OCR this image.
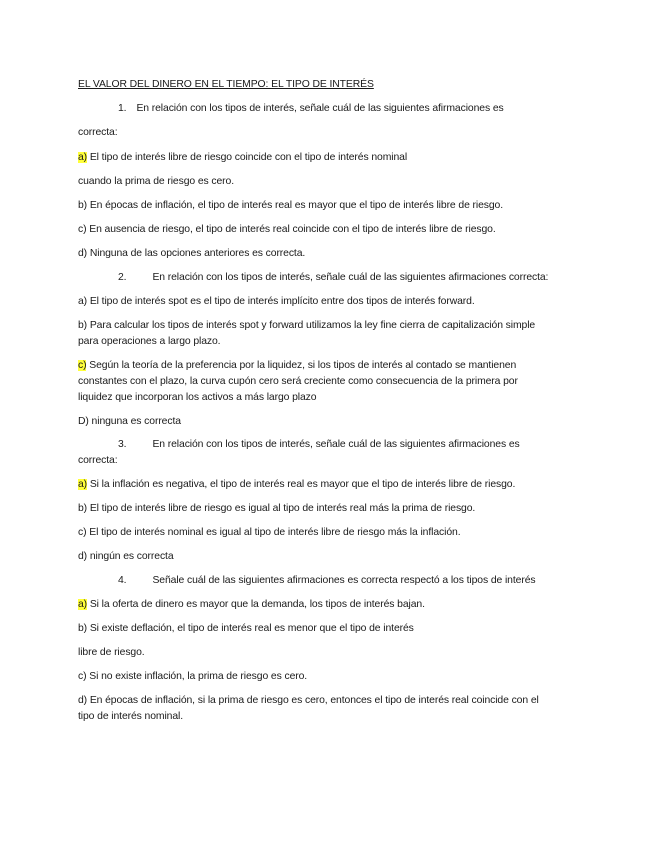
EL VALOR DEL DINERO EN EL TIEMPO: EL TIPO DE INTERÉS

1. En relación con los tipos de interés, señale cuál de las siguientes afirmaciones es

correcta:

a) El tipo de interés libre de riesgo coincide con el tipo de interés nominal

cuando la prima de riesgo es cero.

b) En épocas de inflación, el tipo de interés real es mayor que el tipo de interés libre de riesgo.

c) En ausencia de riesgo, el tipo de interés real coincide con el tipo de interés libre de riesgo.

d) Ninguna de las opciones anteriores es correcta.

2.	En relación con los tipos de interés, señale cuál de las siguientes afirmaciones correcta:

a) El tipo de interés spot es el tipo de interés implícito entre dos tipos de interés forward.

b) Para calcular los tipos de interés spot y forward utilizamos la ley fine cierra de capitalización simple

para operaciones a largo plazo.

c) Según la teoría de la preferencia por la liquidez, si los tipos de interés al contado se mantienen

constantes con el plazo, la curva cupón cero será creciente como consecuencia de la primera por

liquidez que incorporan los activos a más largo plazo

D) ninguna es correcta

3.	En relación con los tipos de interés, señale cuál de las siguientes afirmaciones es

correcta:

a) Si la inflación es negativa, el tipo de interés real es mayor que el tipo de interés libre de riesgo.

b) El tipo de interés libre de riesgo es igual al tipo de interés real más la prima de riesgo.

c) El tipo de interés nominal es igual al tipo de interés libre de riesgo más la inflación.

d) ningún es correcta

4.	Señale cuál de las siguientes afirmaciones es correcta respectó a los tipos de interés

a) Si la oferta de dinero es mayor que la demanda, los tipos de interés bajan.

b) Si existe deflación, el tipo de interés real es menor que el tipo de interés

libre de riesgo.

c) Si no existe inflación, la prima de riesgo es cero.

d) En épocas de inflación, si la prima de riesgo es cero, entonces el tipo de interés real coincide con el

tipo de interés nominal.
